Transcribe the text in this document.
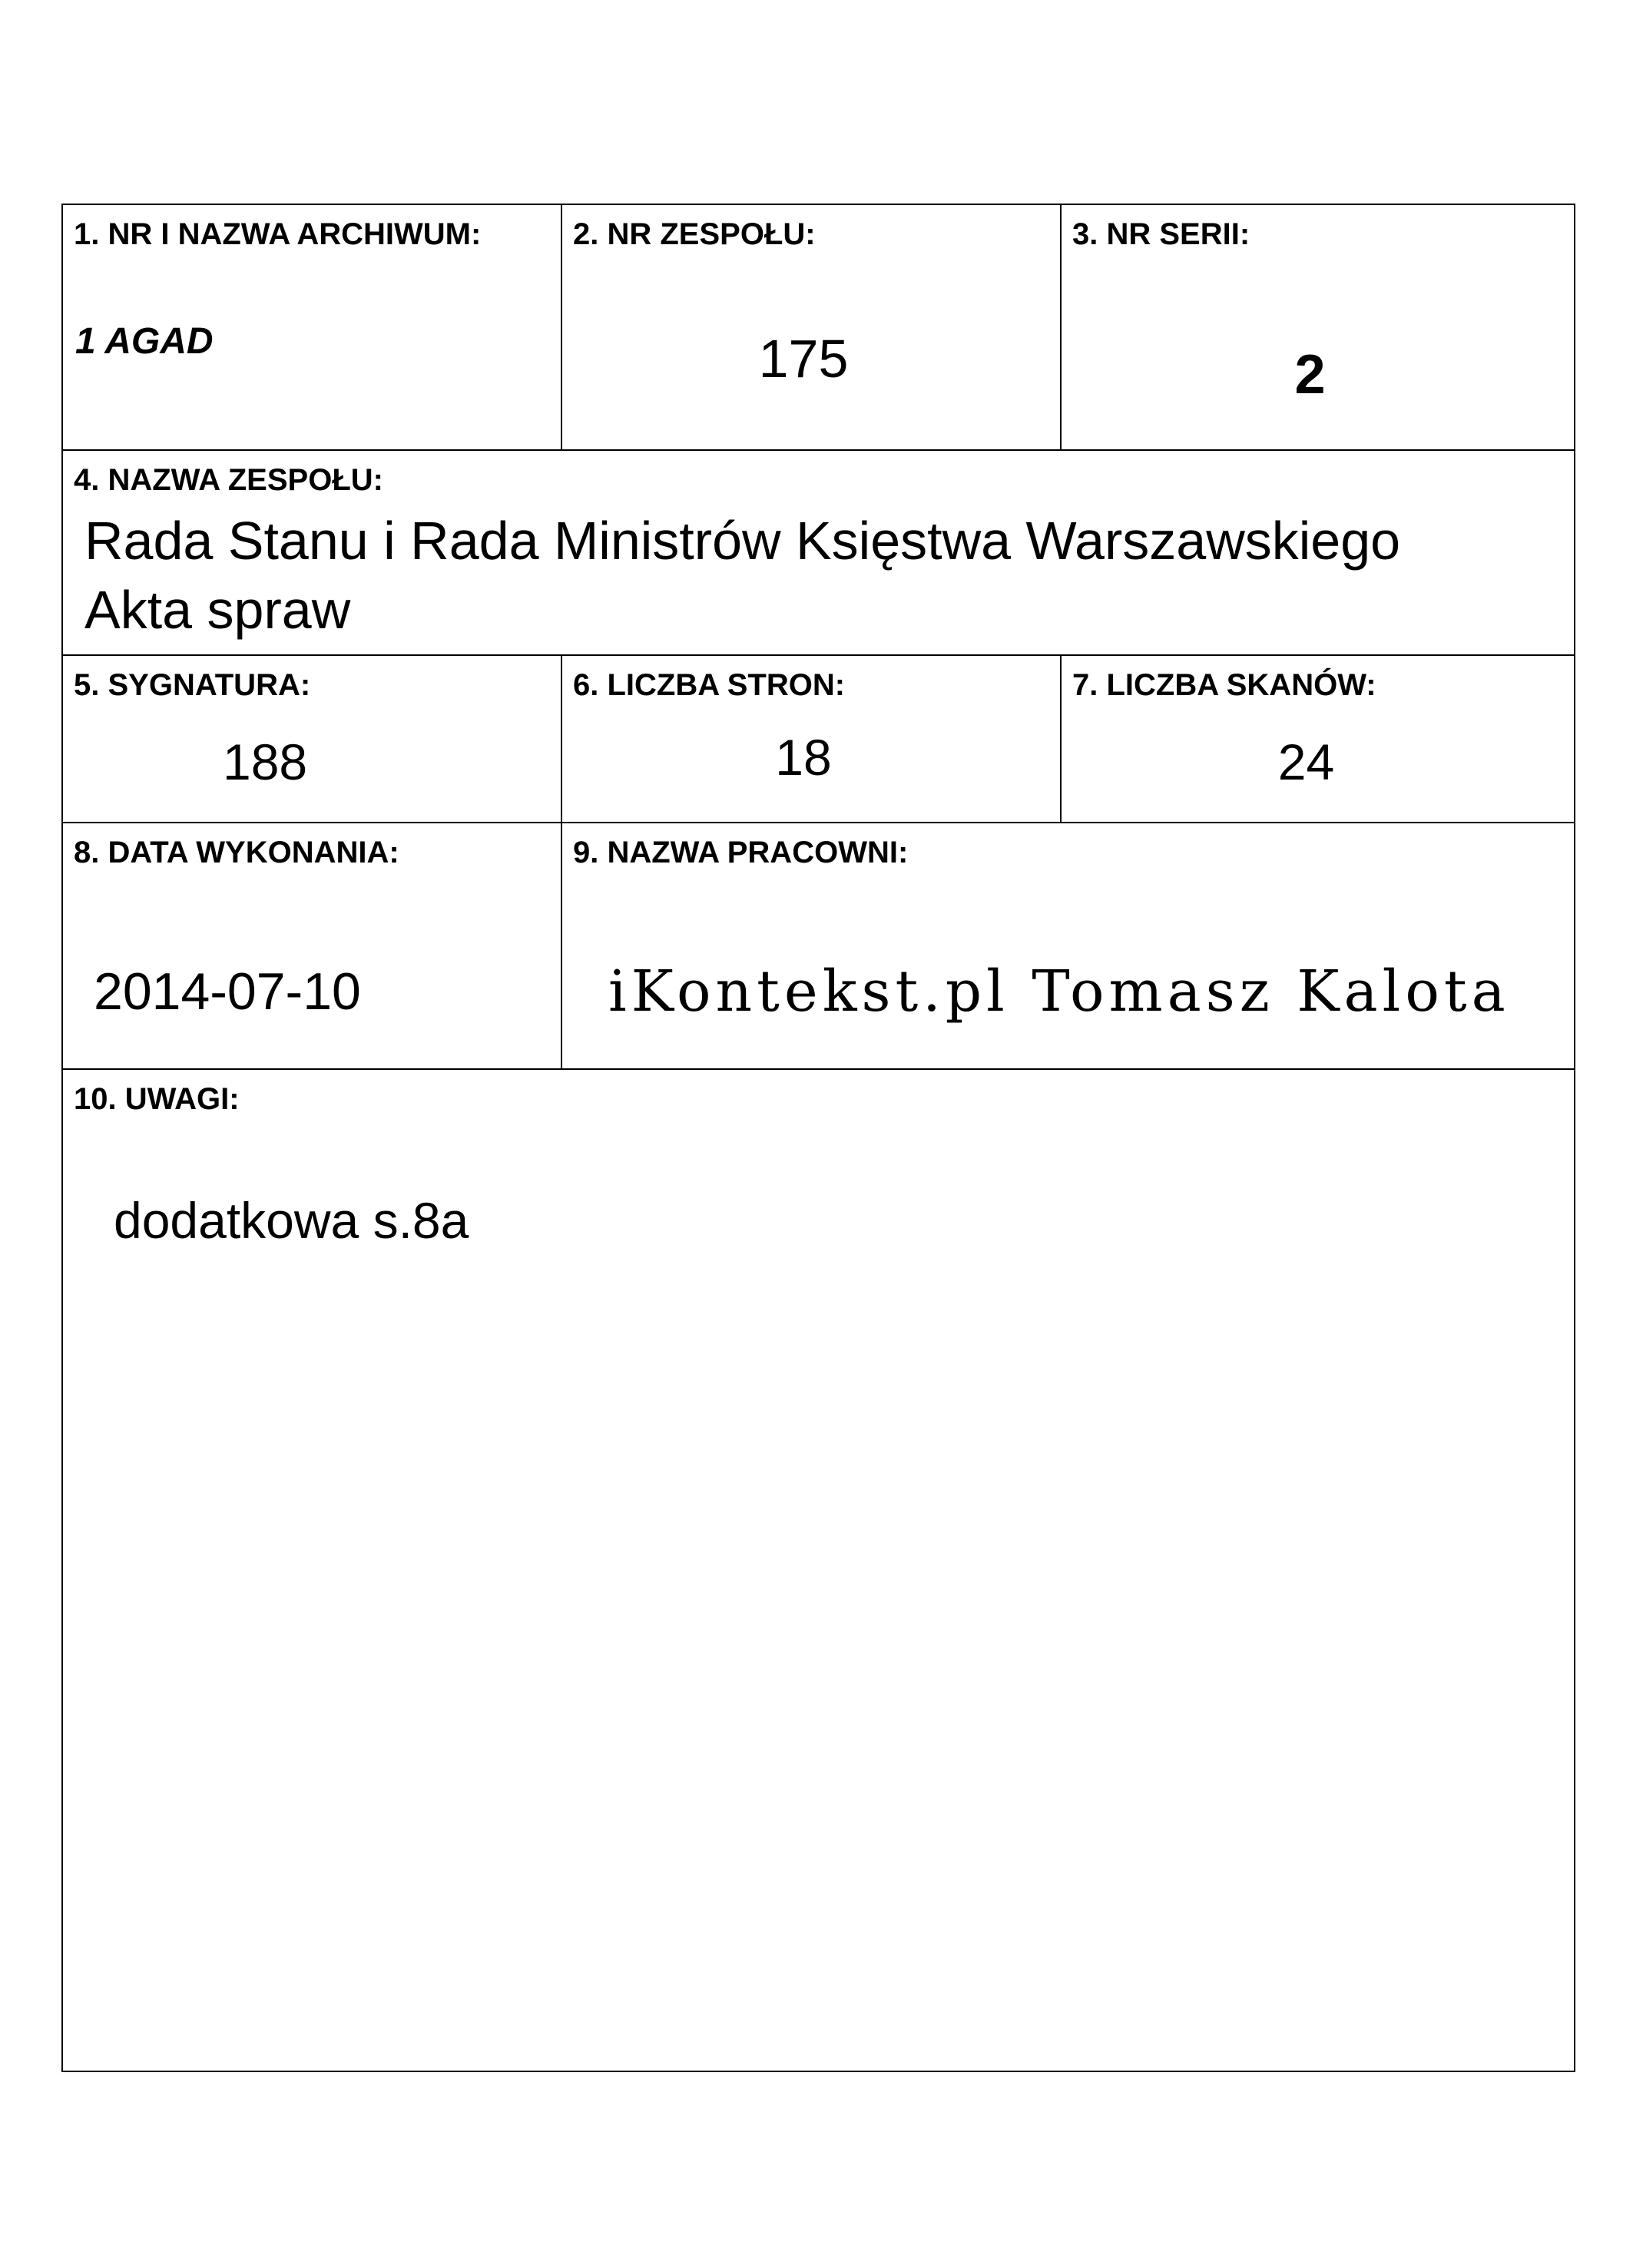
1. NR I NAZWA ARCHIWUM:
1 AGAD
2. NR ZESPOŁU:
175
3. NR SERII:
2
4. NAZWA ZESPOŁU:
Rada Stanu i Rada Ministrów Księstwa Warszawskiego
Akta spraw
5. SYGNATURA:
188
6. LICZBA STRON:
18
7. LICZBA SKANÓW:
24
8. DATA WYKONANIA:
2014-07-10
9. NAZWA PRACOWNI:
iKontekst.pl Tomasz Kalota
10. UWAGI:
dodatkowa s.8a
